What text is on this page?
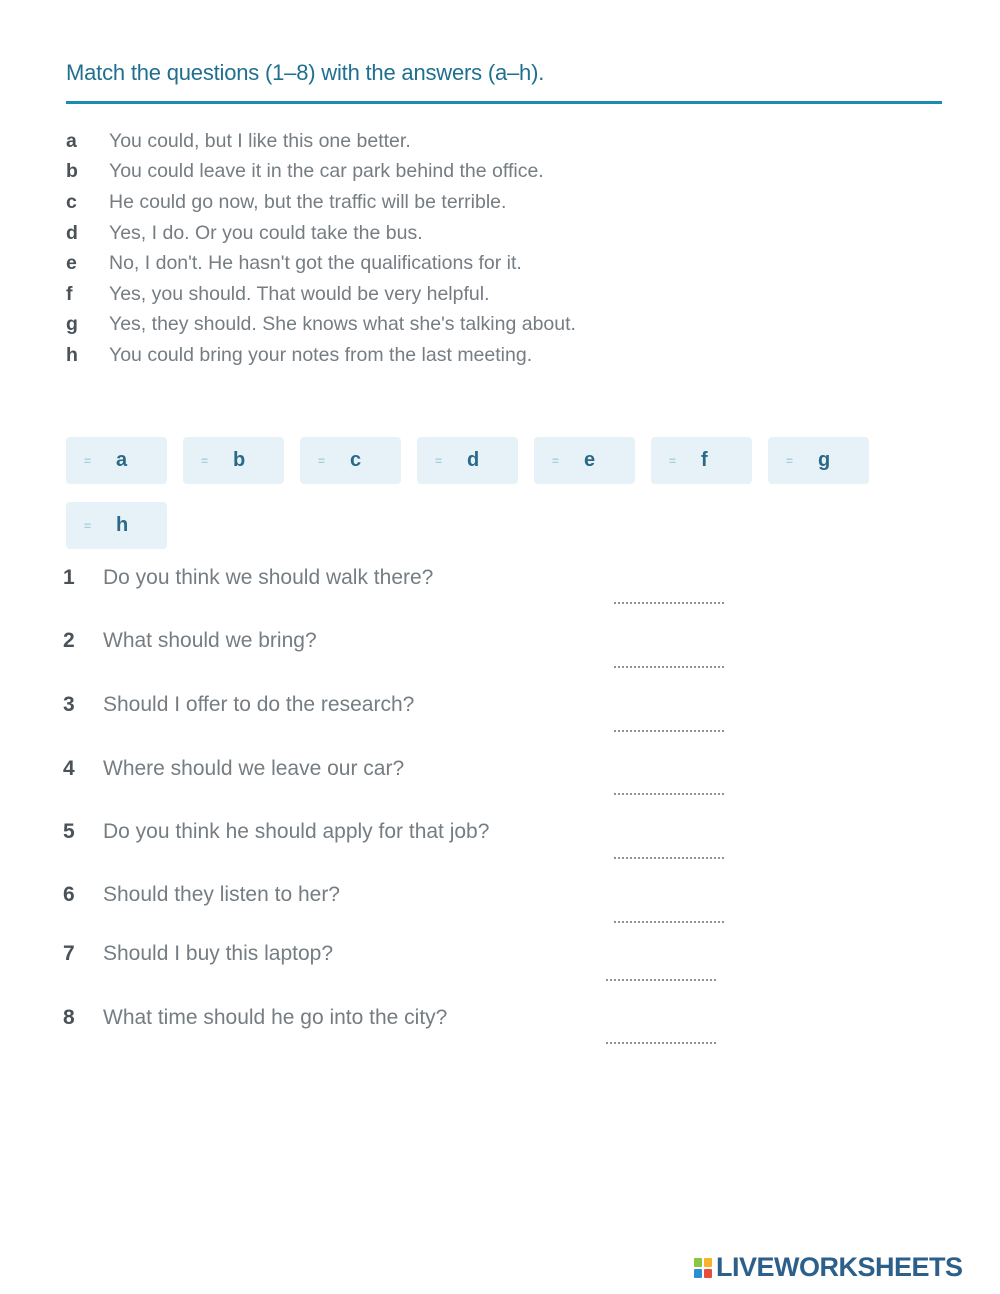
Match the questions (1–8) with the answers (a–h).
a	You could, but I like this one better.
b	You could leave it in the car park behind the office.
c	He could go now, but the traffic will be terrible.
d	Yes, I do. Or you could take the bus.
e	No, I don't. He hasn't got the qualifications for it.
f	Yes, you should. That would be very helpful.
g	Yes, they should. She knows what she's talking about.
h	You could bring your notes from the last meeting.
= a	= b	= c	= d	= e	= f	= g
= h
1	Do you think we should walk there?
2	What should we bring?
3	Should I offer to do the research?
4	Where should we leave our car?
5	Do you think he should apply for that job?
6	Should they listen to her?
7	Should I buy this laptop?
8	What time should he go into the city?
LIVEWORKSHEETS
